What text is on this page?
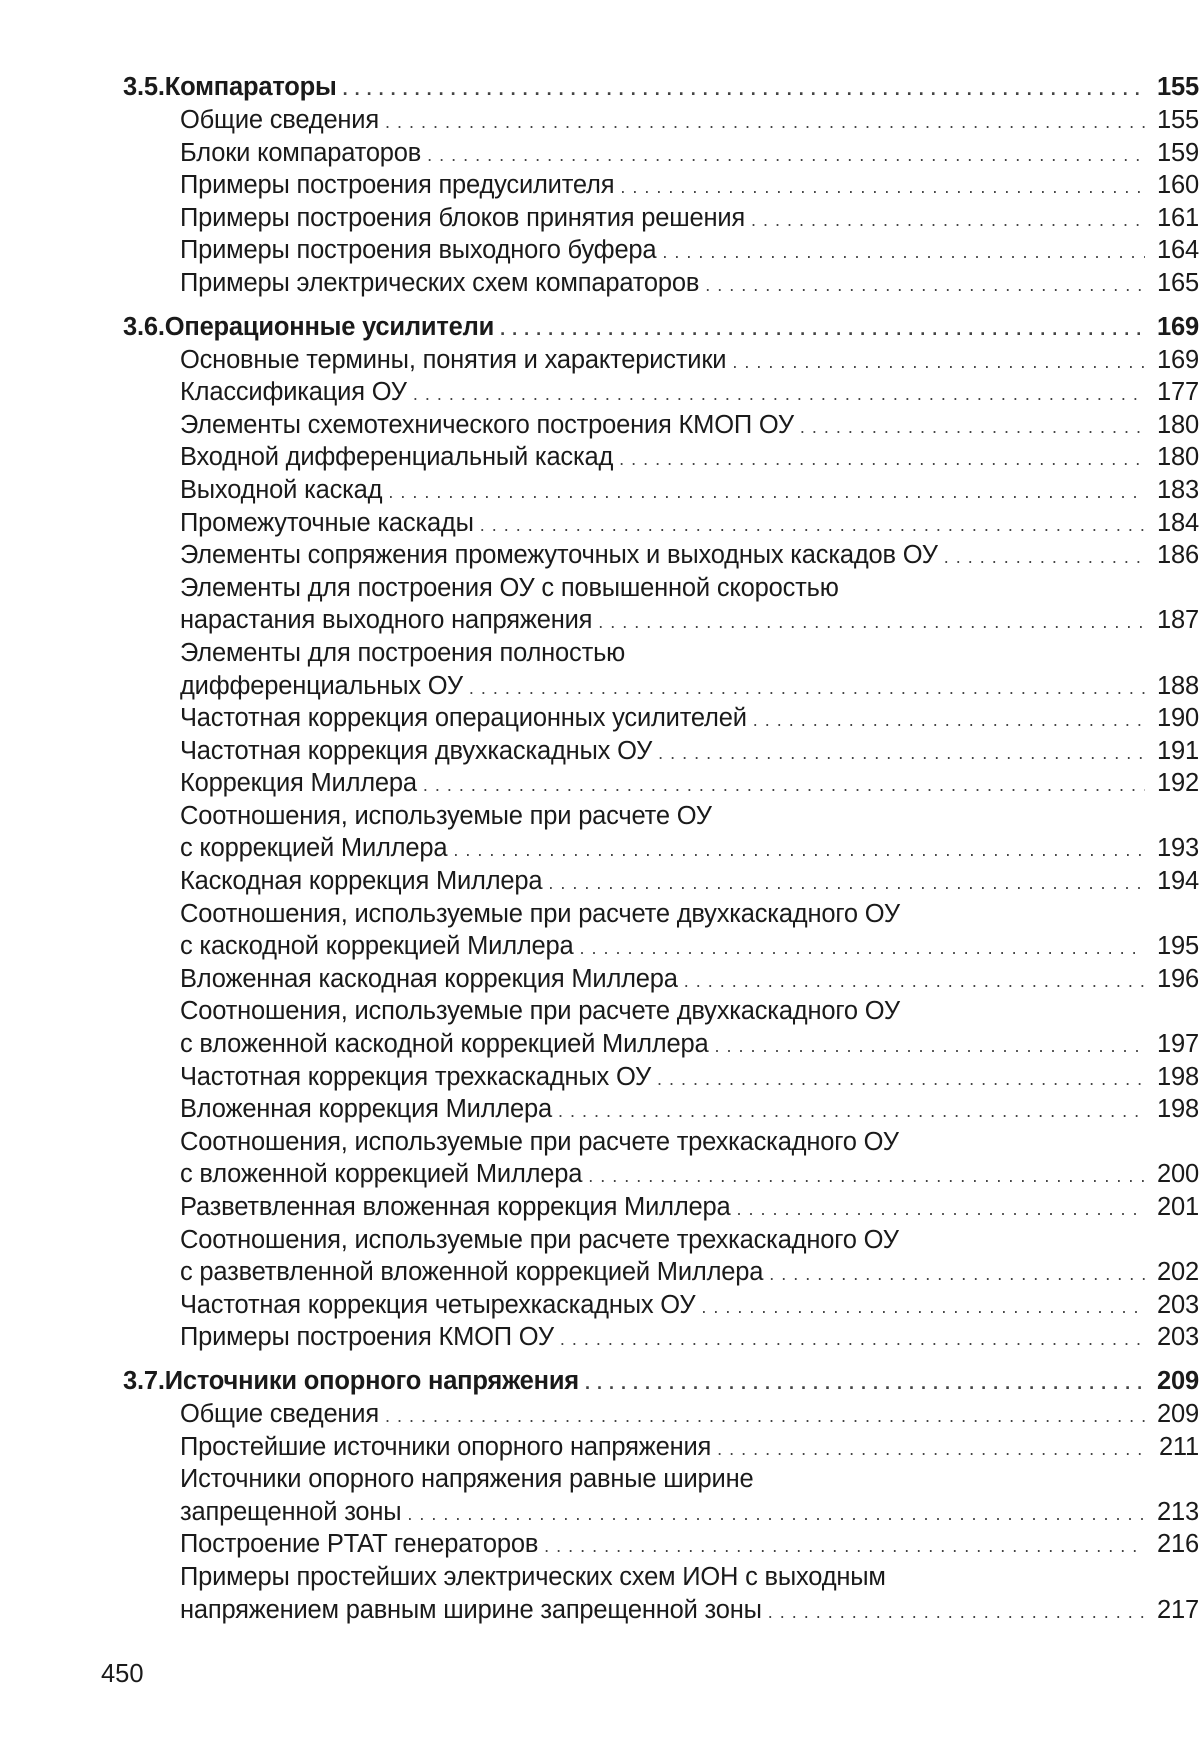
3.5. Компараторы . . .	155
Общие сведения . . .	155
Блоки компараторов . . .	159
Примеры построения предусилителя . . .	160
Примеры построения блоков принятия решения . . .	161
Примеры построения выходного буфера . . .	164
Примеры электрических схем компараторов . . .	165
3.6. Операционные усилители . . .	169
Основные термины, понятия и характеристики . . .	169
Классификация ОУ . . .	177
Элементы схемотехнического построения КМОП ОУ . . .	180
Входной дифференциальный каскад . . .	180
Выходной каскад . . .	183
Промежуточные каскады . . .	184
Элементы сопряжения промежуточных и выходных каскадов ОУ . . .	186
Элементы для построения ОУ с повышенной скоростью
нарастания выходного напряжения . . .	187
Элементы для построения полностью
дифференциальных ОУ . . .	188
Частотная коррекция операционных усилителей . . .	190
Частотная коррекция двухкаскадных ОУ . . .	191
Коррекция Миллера . . .	192
Соотношения, используемые при расчете ОУ
с коррекцией Миллера . . .	193
Каскодная коррекция Миллера . . .	194
Соотношения, используемые при расчете двухкаскадного ОУ
с каскодной коррекцией Миллера . . .	195
Вложенная каскодная коррекция Миллера . . .	196
Соотношения, используемые при расчете двухкаскадного ОУ
с вложенной каскодной коррекцией Миллера . . .	197
Частотная коррекция трехкаскадных ОУ . . .	198
Вложенная коррекция Миллера . . .	198
Соотношения, используемые при расчете трехкаскадного ОУ
с вложенной коррекцией Миллера . . .	200
Разветвленная вложенная коррекция Миллера . . .	201
Соотношения, используемые при расчете трехкаскадного ОУ
с разветвленной вложенной коррекцией Миллера . . .	202
Частотная коррекция четырехкаскадных ОУ . . .	203
Примеры построения КМОП ОУ . . .	203
3.7. Источники опорного напряжения . . .	209
Общие сведения . . .	209
Простейшие источники опорного напряжения . . .	211
Источники опорного напряжения равные ширине
запрещенной зоны . . .	213
Построение PTAT генераторов . . .	216
Примеры простейших электрических схем ИОН с выходным
напряжением равным ширине запрещенной зоны . . .	217
450
